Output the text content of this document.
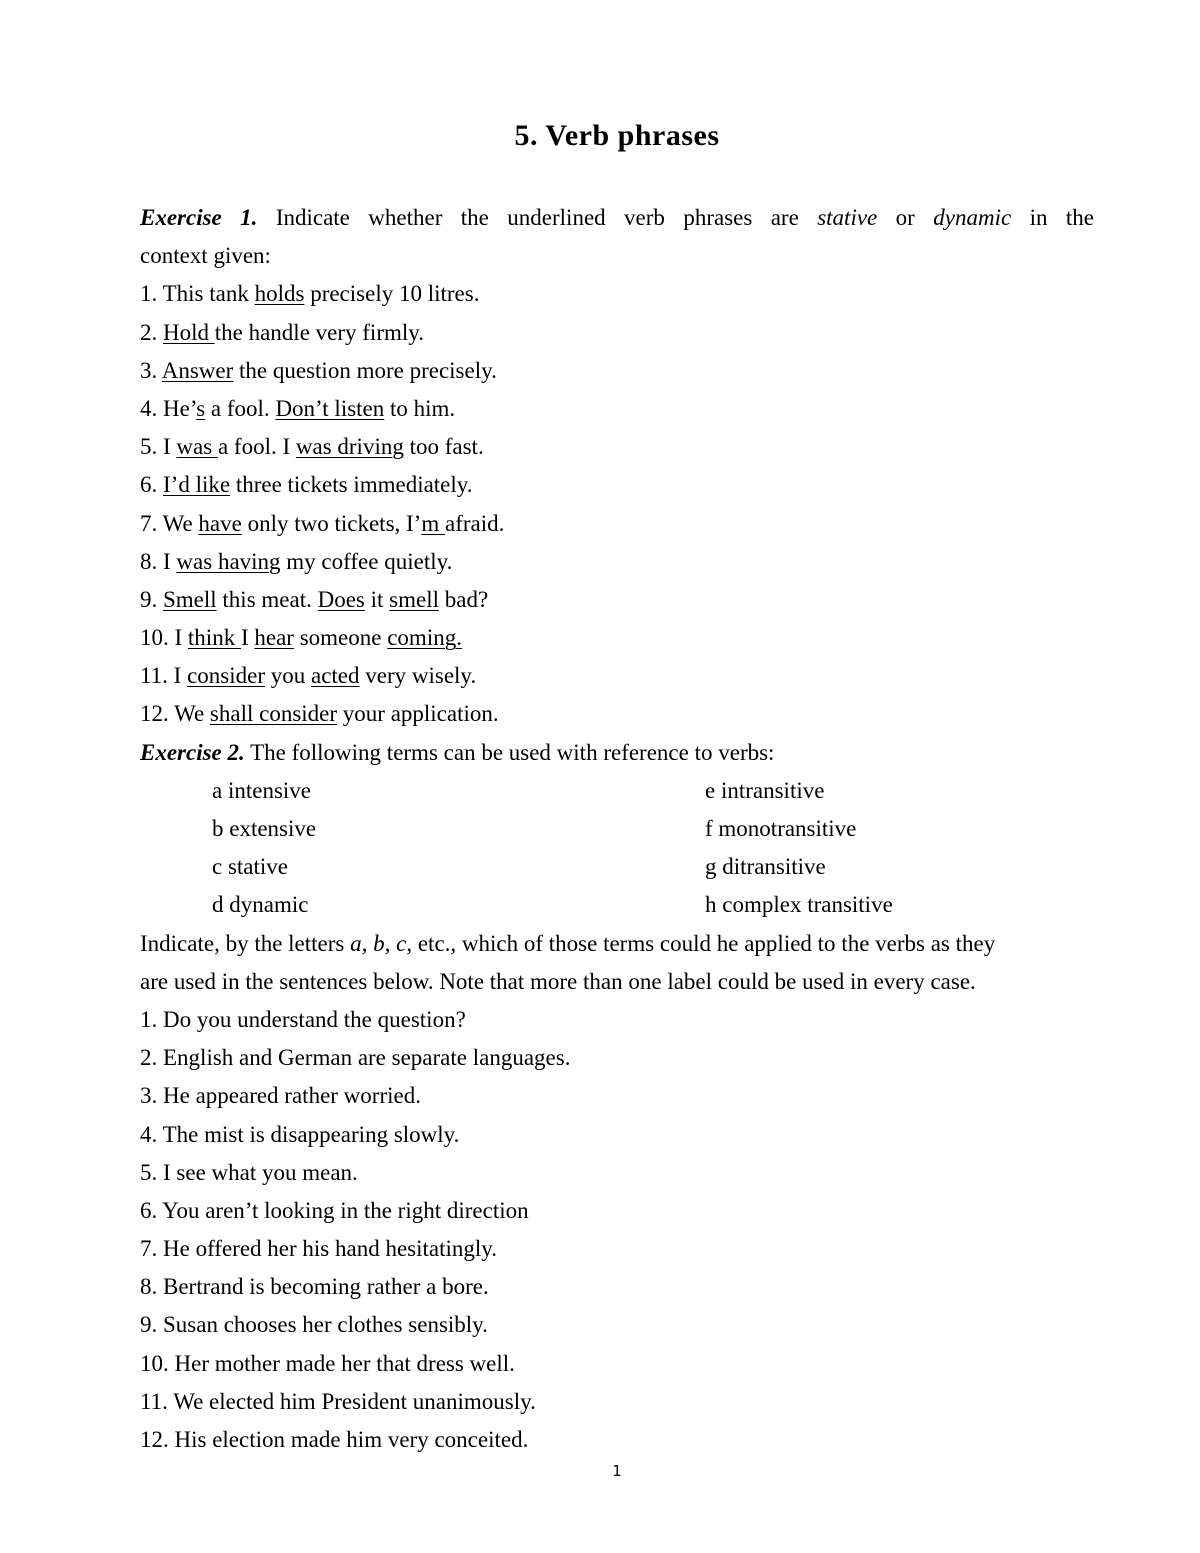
5. Verb phrases
Exercise 1. Indicate whether the underlined verb phrases are stative or dynamic in the
context given:
1. This tank holds precisely 10 litres.
2. Hold the handle very firmly.
3. Answer the question more precisely.
4. He’s a fool. Don’t listen to him.
5. I was a fool. I was driving too fast.
6. I’d like three tickets immediately.
7. We have only two tickets, I’m afraid.
8. I was having my coffee quietly.
9. Smell this meat. Does it smell bad?
10. I think I hear someone coming.
11. I consider you acted very wisely.
12. We shall consider your application.
Exercise 2. The following terms can be used with reference to verbs:
a intensive	e intransitive
b extensive	f monotransitive
c stative	g ditransitive
d dynamic	h complex transitive
Indicate, by the letters a, b, c, etc., which of those terms could he applied to the verbs as they
are used in the sentences below. Note that more than one label could be used in every case.
1. Do you understand the question?
2. English and German are separate languages.
3. He appeared rather worried.
4. The mist is disappearing slowly.
5. I see what you mean.
6. You aren’t looking in the right direction
7. He offered her his hand hesitatingly.
8. Bertrand is becoming rather a bore.
9. Susan chooses her clothes sensibly.
10. Her mother made her that dress well.
11. We elected him President unanimously.
12. His election made him very conceited.
1
